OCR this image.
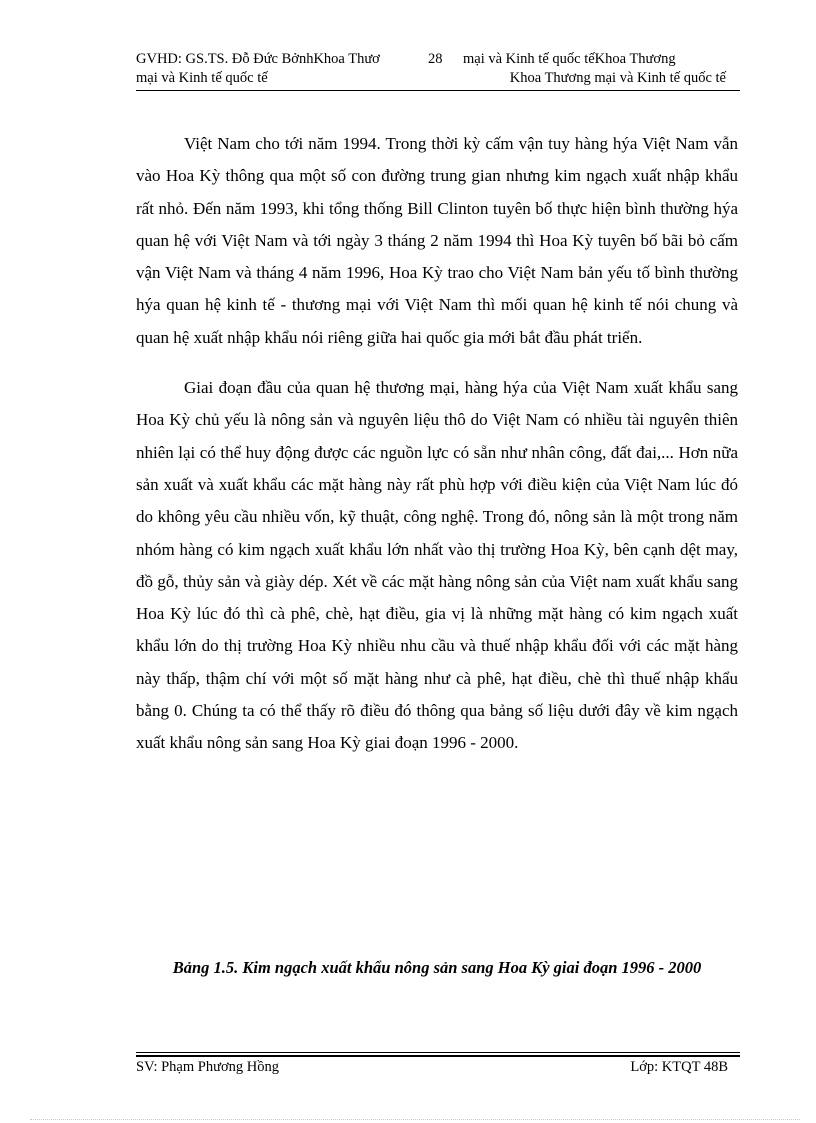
GVHD: GS.TS. Đỗ Đức BởnhKhoa Thươ	28 mại và Kinh tế quốc tếKhoa Thương
mại và Kinh tế quốc tế	Khoa Thương mại và Kinh tế quốc tế

Việt Nam cho tới năm 1994. Trong thời kỳ cấm vận tuy hàng hýa Việt Nam vẫn vào Hoa Kỳ thông qua một số con đường trung gian nhưng kim ngạch xuất nhập khẩu rất nhỏ. Đến năm 1993, khi tổng thống Bill Clinton tuyên bố thực hiện bình thường hýa quan hệ với Việt Nam và tới ngày 3 tháng 2 năm 1994 thì Hoa Kỳ tuyên bố bãi bỏ cấm vận Việt Nam và tháng 4 năm 1996, Hoa Kỳ trao cho Việt Nam bản yếu tố bình thường hýa quan hệ kinh tế - thương mại với Việt Nam thì mối quan hệ kinh tế nói chung và quan hệ xuất nhập khẩu nói riêng giữa hai quốc gia mới bắt đầu phát triển.

Giai đoạn đầu của quan hệ thương mại, hàng hýa của Việt Nam xuất khẩu sang Hoa Kỳ chủ yếu là nông sản và nguyên liệu thô do Việt Nam có nhiều tài nguyên thiên nhiên lại có thể huy động được các nguồn lực có sẵn như nhân công, đất đai,... Hơn nữa sản xuất và xuất khẩu các mặt hàng này rất phù hợp với điều kiện của Việt Nam lúc đó do không yêu cầu nhiều vốn, kỹ thuật, công nghệ. Trong đó, nông sản là một trong năm nhóm hàng có kim ngạch xuất khẩu lớn nhất vào thị trường Hoa Kỳ, bên cạnh dệt may, đồ gỗ, thủy sản và giày dép. Xét về các mặt hàng nông sản của Việt nam xuất khẩu sang Hoa Kỳ lúc đó thì cà phê, chè, hạt điều, gia vị là những mặt hàng có kim ngạch xuất khẩu lớn do thị trường Hoa Kỳ nhiều nhu cầu và thuế nhập khẩu đối với các mặt hàng này thấp, thậm chí với một số mặt hàng như cà phê, hạt điều, chè thì thuế nhập khẩu bằng 0. Chúng ta có thể thấy rõ điều đó thông qua bảng số liệu dưới đây về kim ngạch xuất khẩu nông sản sang Hoa Kỳ giai đoạn 1996 - 2000.

Bảng 1.5. Kim ngạch xuất khẩu nông sản sang Hoa Kỳ giai đoạn 1996 - 2000
SV: Phạm Phương Hồng	Lớp: KTQT 48B
